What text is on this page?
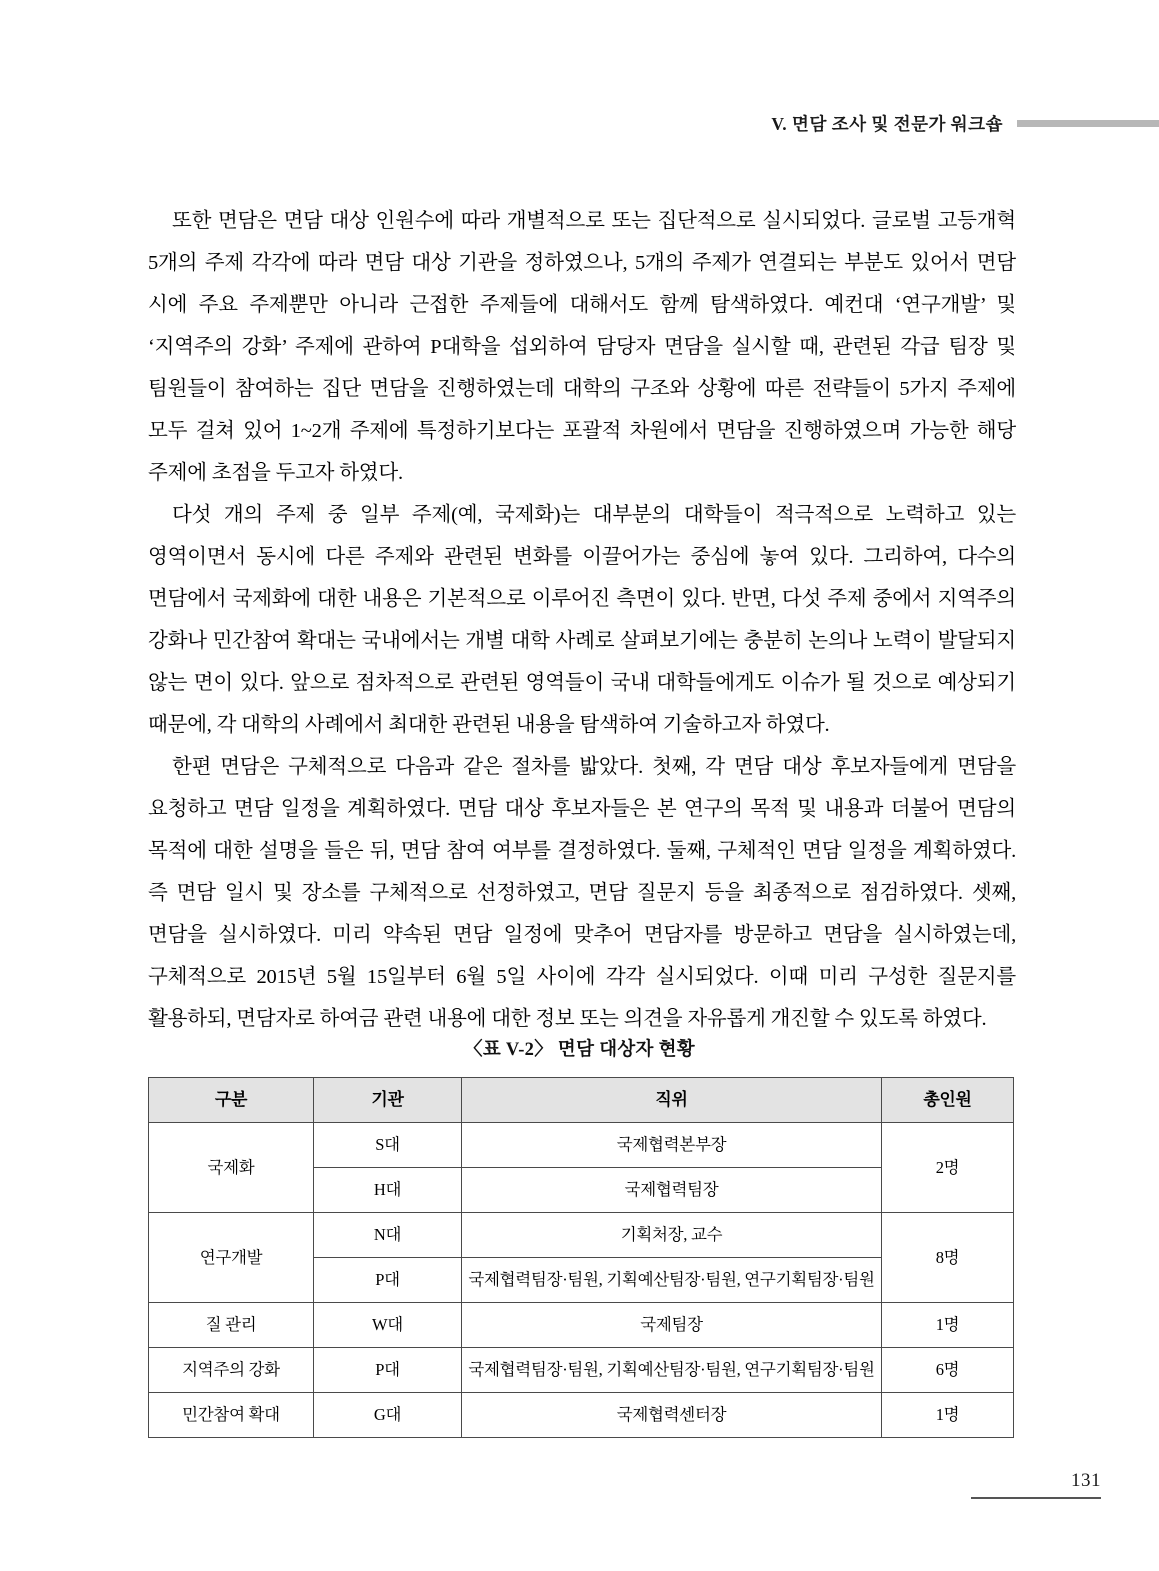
V. 면담 조사 및 전문가 워크숍

또한 면담은 면담 대상 인원수에 따라 개별적으로 또는 집단적으로 실시되었다. 글로벌 고등개혁 5개의 주제 각각에 따라 면담 대상 기관을 정하였으나, 5개의 주제가 연결되는 부분도 있어서 면담 시에 주요 주제뿐만 아니라 근접한 주제들에 대해서도 함께 탐색하였다. 예컨대 ‘연구개발’ 및 ‘지역주의 강화’ 주제에 관하여 P대학을 섭외하여 담당자 면담을 실시할 때, 관련된 각급 팀장 및 팀원들이 참여하는 집단 면담을 진행하였는데 대학의 구조와 상황에 따른 전략들이 5가지 주제에 모두 걸쳐 있어 1~2개 주제에 특정하기보다는 포괄적 차원에서 면담을 진행하였으며 가능한 해당 주제에 초점을 두고자 하였다.

다섯 개의 주제 중 일부 주제(예, 국제화)는 대부분의 대학들이 적극적으로 노력하고 있는 영역이면서 동시에 다른 주제와 관련된 변화를 이끌어가는 중심에 놓여 있다. 그리하여, 다수의 면담에서 국제화에 대한 내용은 기본적으로 이루어진 측면이 있다. 반면, 다섯 주제 중에서 지역주의 강화나 민간참여 확대는 국내에서는 개별 대학 사례로 살펴보기에는 충분히 논의나 노력이 발달되지 않는 면이 있다. 앞으로 점차적으로 관련된 영역들이 국내 대학들에게도 이슈가 될 것으로 예상되기 때문에, 각 대학의 사례에서 최대한 관련된 내용을 탐색하여 기술하고자 하였다.

한편 면담은 구체적으로 다음과 같은 절차를 밟았다. 첫째, 각 면담 대상 후보자들에게 면담을 요청하고 면담 일정을 계획하였다. 면담 대상 후보자들은 본 연구의 목적 및 내용과 더불어 면담의 목적에 대한 설명을 들은 뒤, 면담 참여 여부를 결정하였다. 둘째, 구체적인 면담 일정을 계획하였다. 즉 면담 일시 및 장소를 구체적으로 선정하였고, 면담 질문지 등을 최종적으로 점검하였다. 셋째, 면담을 실시하였다. 미리 약속된 면담 일정에 맞추어 면담자를 방문하고 면담을 실시하였는데, 구체적으로 2015년 5월 15일부터 6월 5일 사이에 각각 실시되었다. 이때 미리 구성한 질문지를 활용하되, 면담자로 하여금 관련 내용에 대한 정보 또는 의견을 자유롭게 개진할 수 있도록 하였다.

〈표 V-2〉 면담 대상자 현황
구분	기관	직위	총인원
국제화	S대	국제협력본부장	2명
	H대	국제협력팀장	
연구개발	N대	기획처장, 교수	8명
	P대	국제협력팀장·팀원, 기획예산팀장·팀원, 연구기획팀장·팀원	
질 관리	W대	국제팀장	1명
지역주의 강화	P대	국제협력팀장·팀원, 기획예산팀장·팀원, 연구기획팀장·팀원	6명
민간참여 확대	G대	국제협력센터장	1명
131
